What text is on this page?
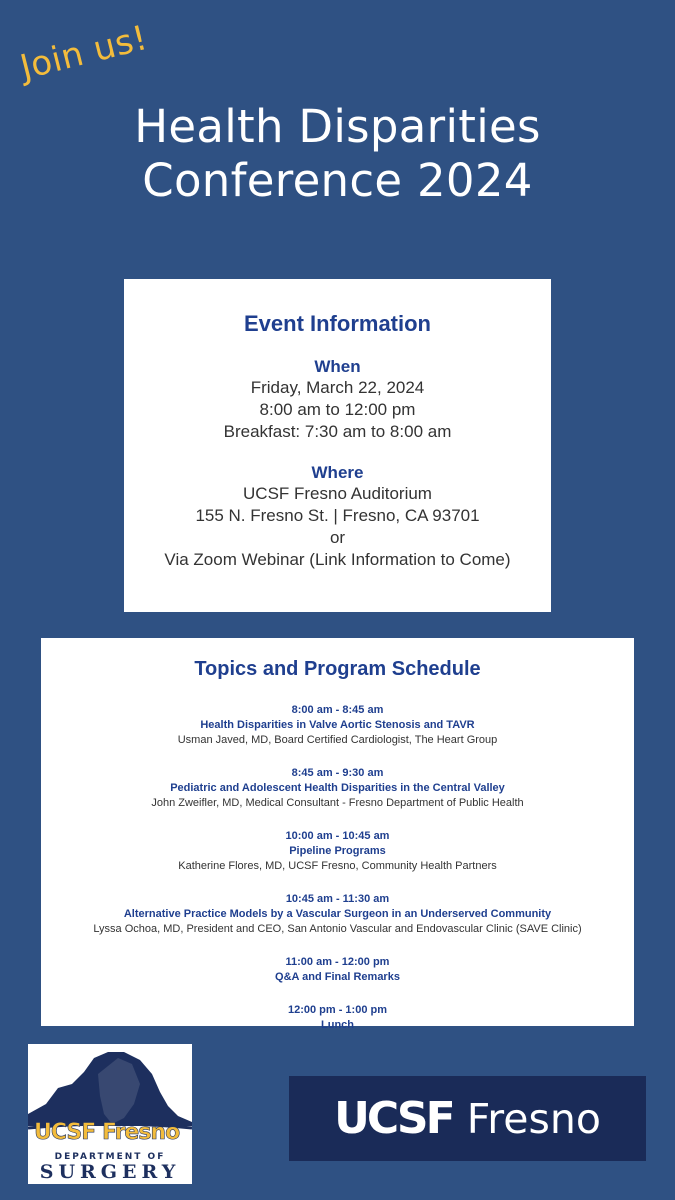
Join us!
Health Disparities
Conference 2024
Event Information
When
Friday, March 22, 2024
8:00 am to 12:00 pm
Breakfast: 7:30 am to 8:00 am
Where
UCSF Fresno Auditorium
155 N. Fresno St. | Fresno, CA 93701
or
Via Zoom Webinar (Link Information to Come)
Topics and Program Schedule
8:00 am - 8:45 am
Health Disparities in Valve Aortic Stenosis and TAVR
Usman Javed, MD, Board Certified Cardiologist, The Heart Group
8:45 am - 9:30 am
Pediatric and Adolescent Health Disparities in the Central Valley
John Zweifler, MD, Medical Consultant - Fresno Department of Public Health
10:00 am - 10:45 am
Pipeline Programs
Katherine Flores, MD, UCSF Fresno, Community Health Partners
10:45 am - 11:30 am
Alternative Practice Models by a Vascular Surgeon in an Underserved Community
Lyssa Ochoa, MD, President and CEO, San Antonio Vascular and Endovascular Clinic (SAVE Clinic)
11:00 am - 12:00 pm
Q&A and Final Remarks
12:00 pm - 1:00 pm
Lunch
UCSF Fresno
DEPARTMENT OF
SURGERY
UCSF Fresno
